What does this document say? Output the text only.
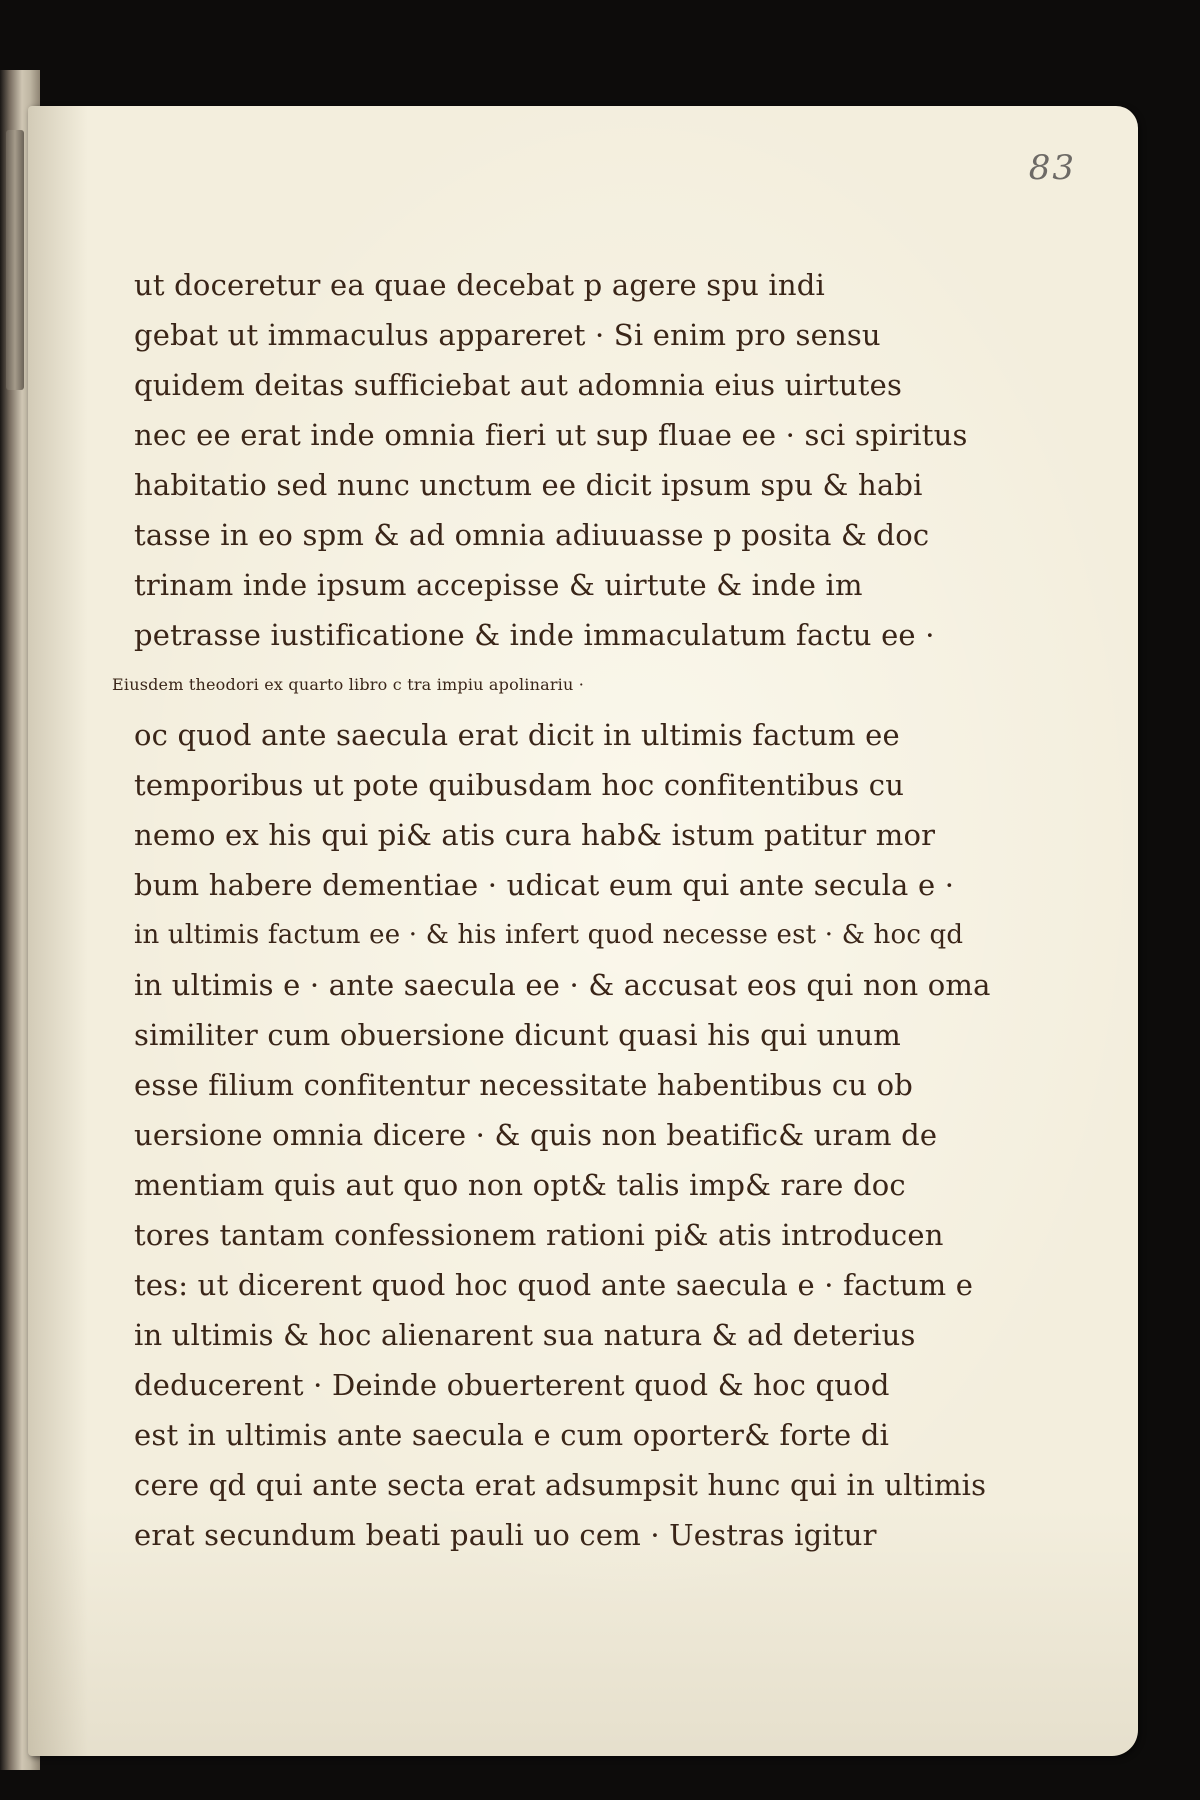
83

ut doceretur ea quae decebat p agere spu indi

gebat ut immaculus appareret · Si enim pro sensu

quidem deitas sufficiebat aut adomnia eius uirtutes

nec ee erat inde omnia fieri ut sup fluae ee · sci spiritus

habitatio sed nunc unctum ee dicit ipsum spu & habi

tasse in eo spm & ad omnia adiuuasse p posita & doc

trinam inde ipsum accepisse & uirtute & inde im

petrasse iustificatione & inde immaculatum factu ee ·

Eiusdem theodori ex quarto libro c tra impiu apolinariu ·

oc quod ante saecula erat dicit in ultimis factum ee

temporibus ut pote quibusdam hoc confitentibus cu

nemo ex his qui pi& atis cura hab& istum patitur mor

bum habere dementiae · udicat eum qui ante secula e ·

in ultimis factum ee · & his infert quod necesse est · & hoc qd

in ultimis e · ante saecula ee · & accusat eos qui non oma

similiter cum obuersione dicunt quasi his qui unum

esse filium confitentur necessitate habentibus cu ob

uersione omnia dicere · & quis non beatific& uram de

mentiam quis aut quo non opt& talis imp& rare doc

tores tantam confessionem rationi pi& atis introducen

tes: ut dicerent quod hoc quod ante saecula e · factum e

in ultimis & hoc alienarent sua natura & ad deterius

deducerent · Deinde obuerterent quod & hoc quod

est in ultimis ante saecula e cum oporter& forte di

cere qd qui ante secta erat adsumpsit hunc qui in ultimis

erat secundum beati pauli uo cem · Uestras igitur
